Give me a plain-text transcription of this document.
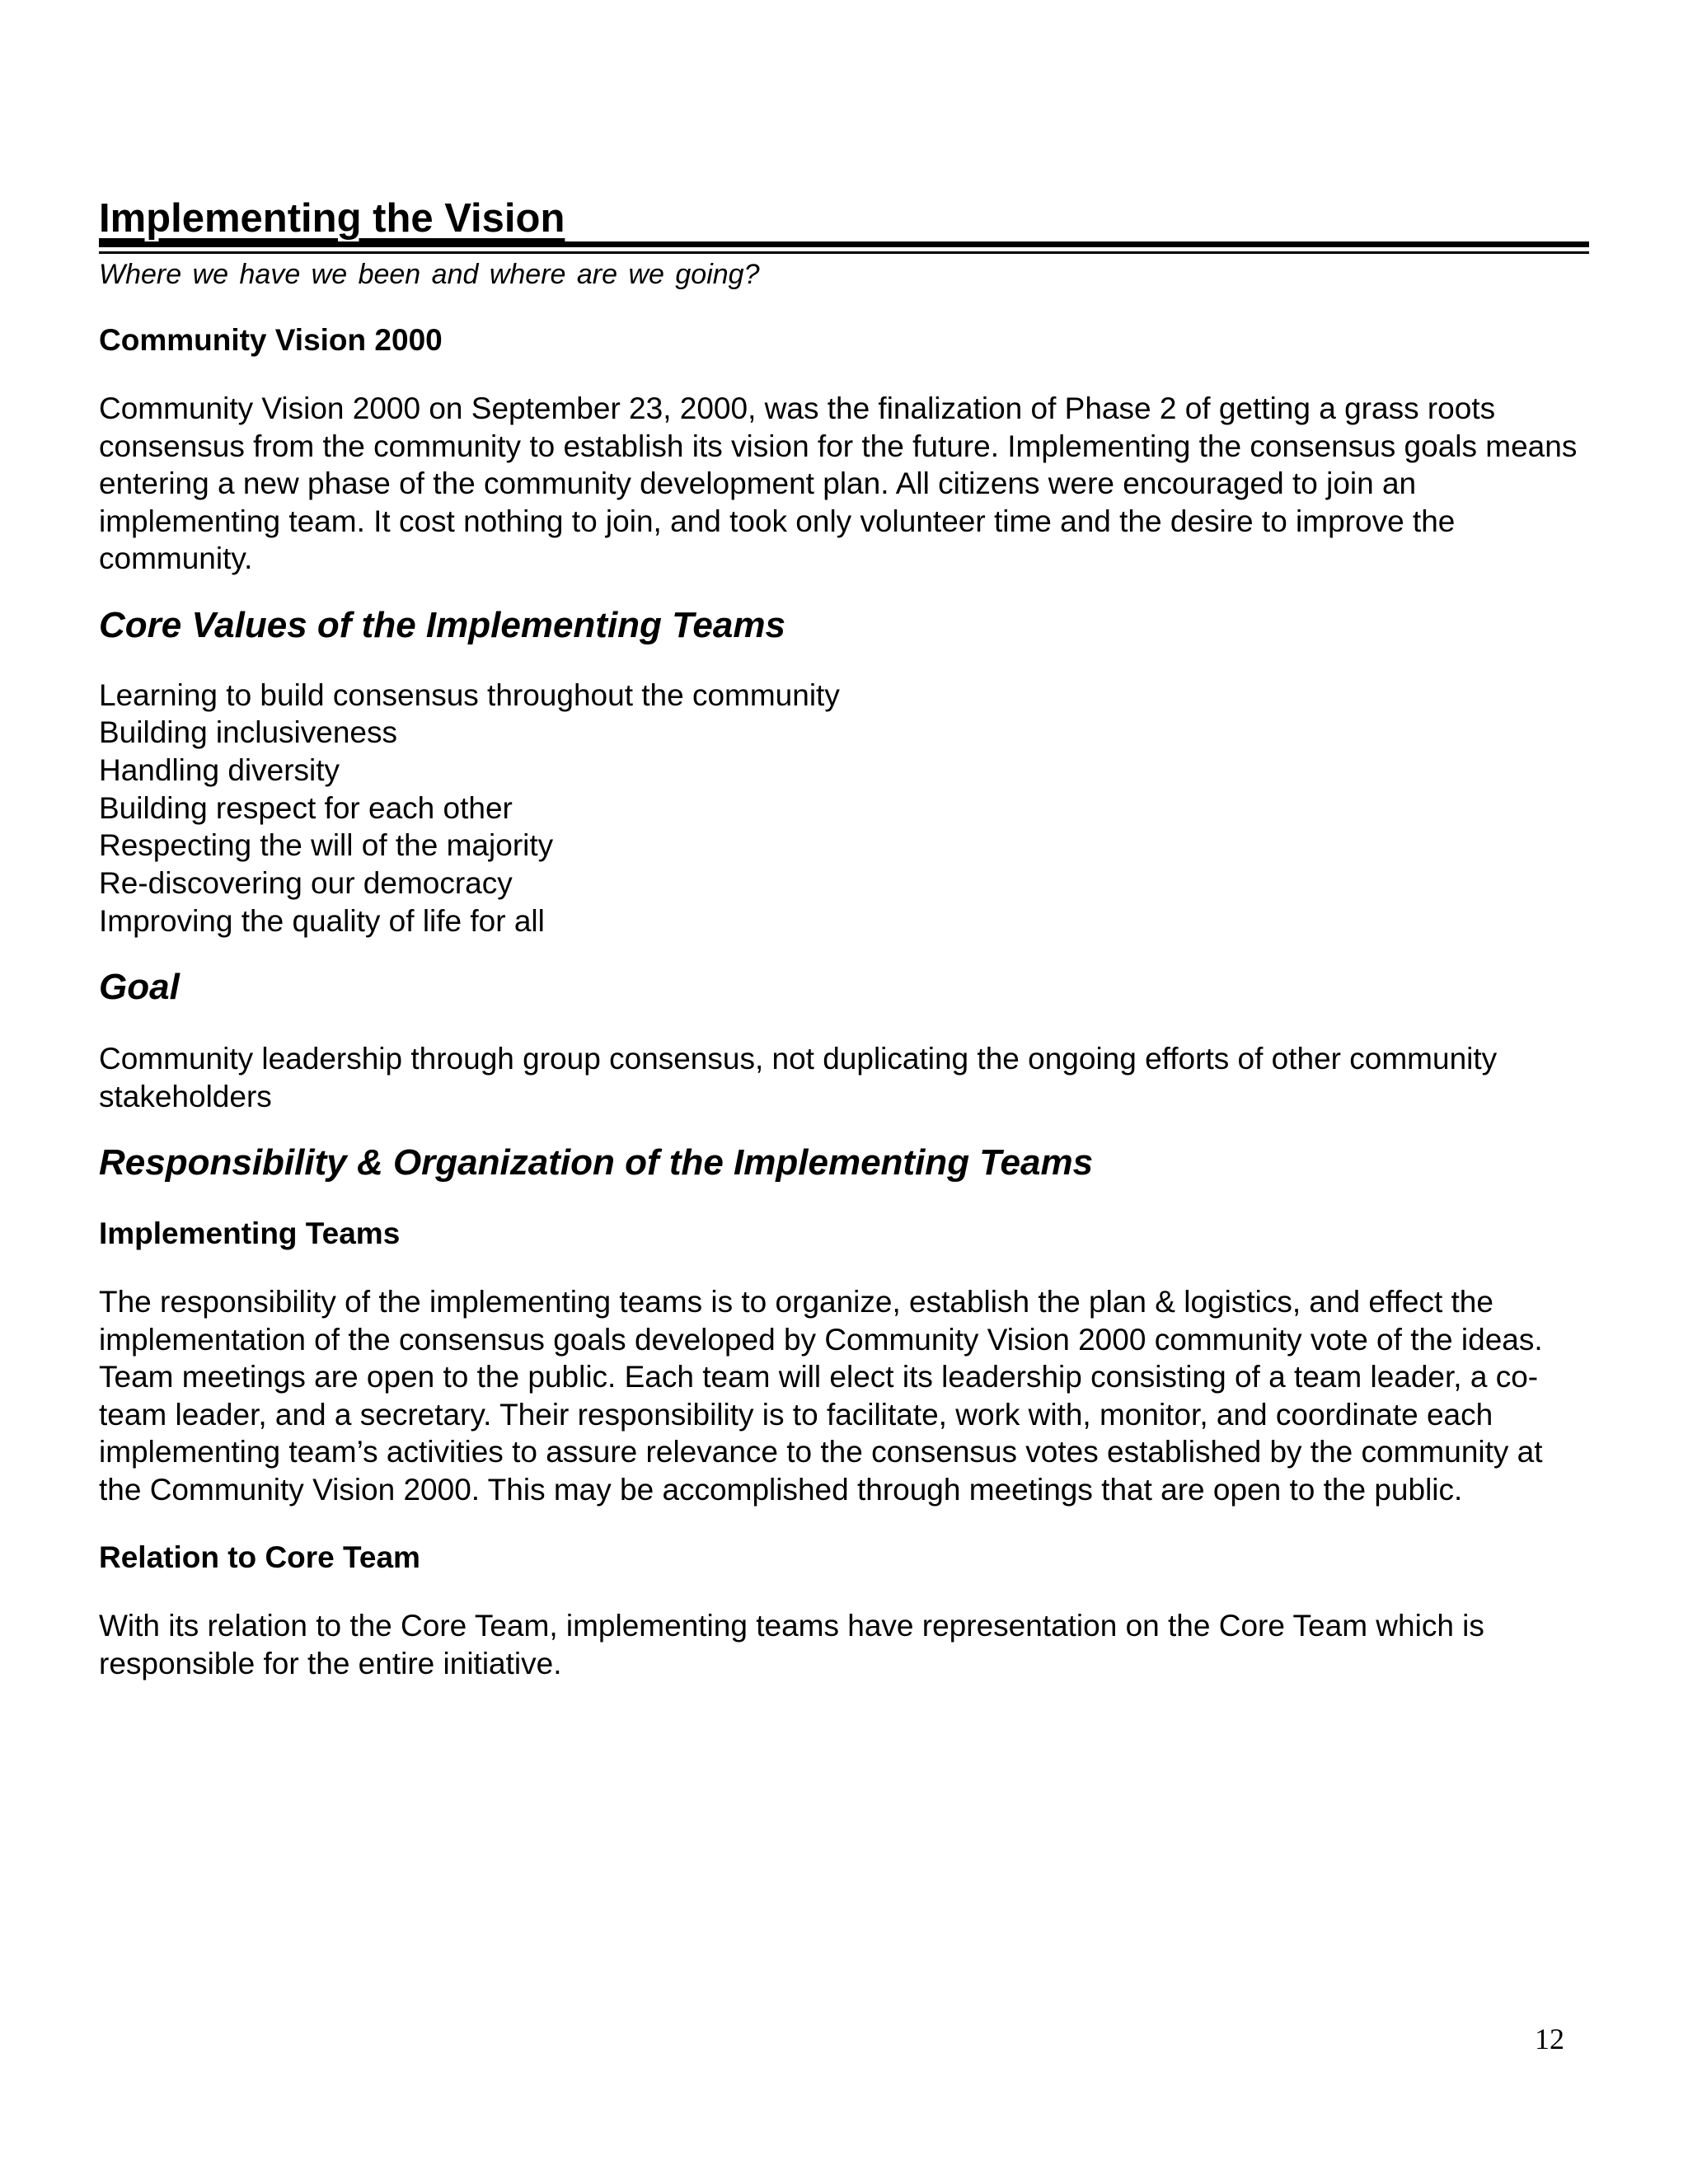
Implementing the Vision

Where we have we been and where are we going?

Community Vision 2000

Community Vision 2000 on September 23, 2000, was the finalization of Phase 2 of getting a grass roots consensus from the community to establish its vision for the future. Implementing the consensus goals means entering a new phase of the community development plan. All citizens were encouraged to join an implementing team. It cost nothing to join, and took only volunteer time and the desire to improve the community.

Core Values of the Implementing Teams
Learning to build consensus throughout the community
Building inclusiveness
Handling diversity
Building respect for each other
Respecting the will of the majority
Re-discovering our democracy
Improving the quality of life for all
Goal

Community leadership through group consensus, not duplicating the ongoing efforts of other community stakeholders

Responsibility & Organization of the Implementing Teams
Implementing Teams

The responsibility of the implementing teams is to organize, establish the plan & logistics, and effect the implementation of the consensus goals developed by Community Vision 2000 community vote of the ideas. Team meetings are open to the public. Each team will elect its leadership consisting of a team leader, a co-team leader, and a secretary. Their responsibility is to facilitate, work with, monitor, and coordinate each implementing team’s activities to assure relevance to the consensus votes established by the community at the Community Vision 2000. This may be accomplished through meetings that are open to the public.

Relation to Core Team

With its relation to the Core Team, implementing teams have representation on the Core Team which is responsible for the entire initiative.

12
